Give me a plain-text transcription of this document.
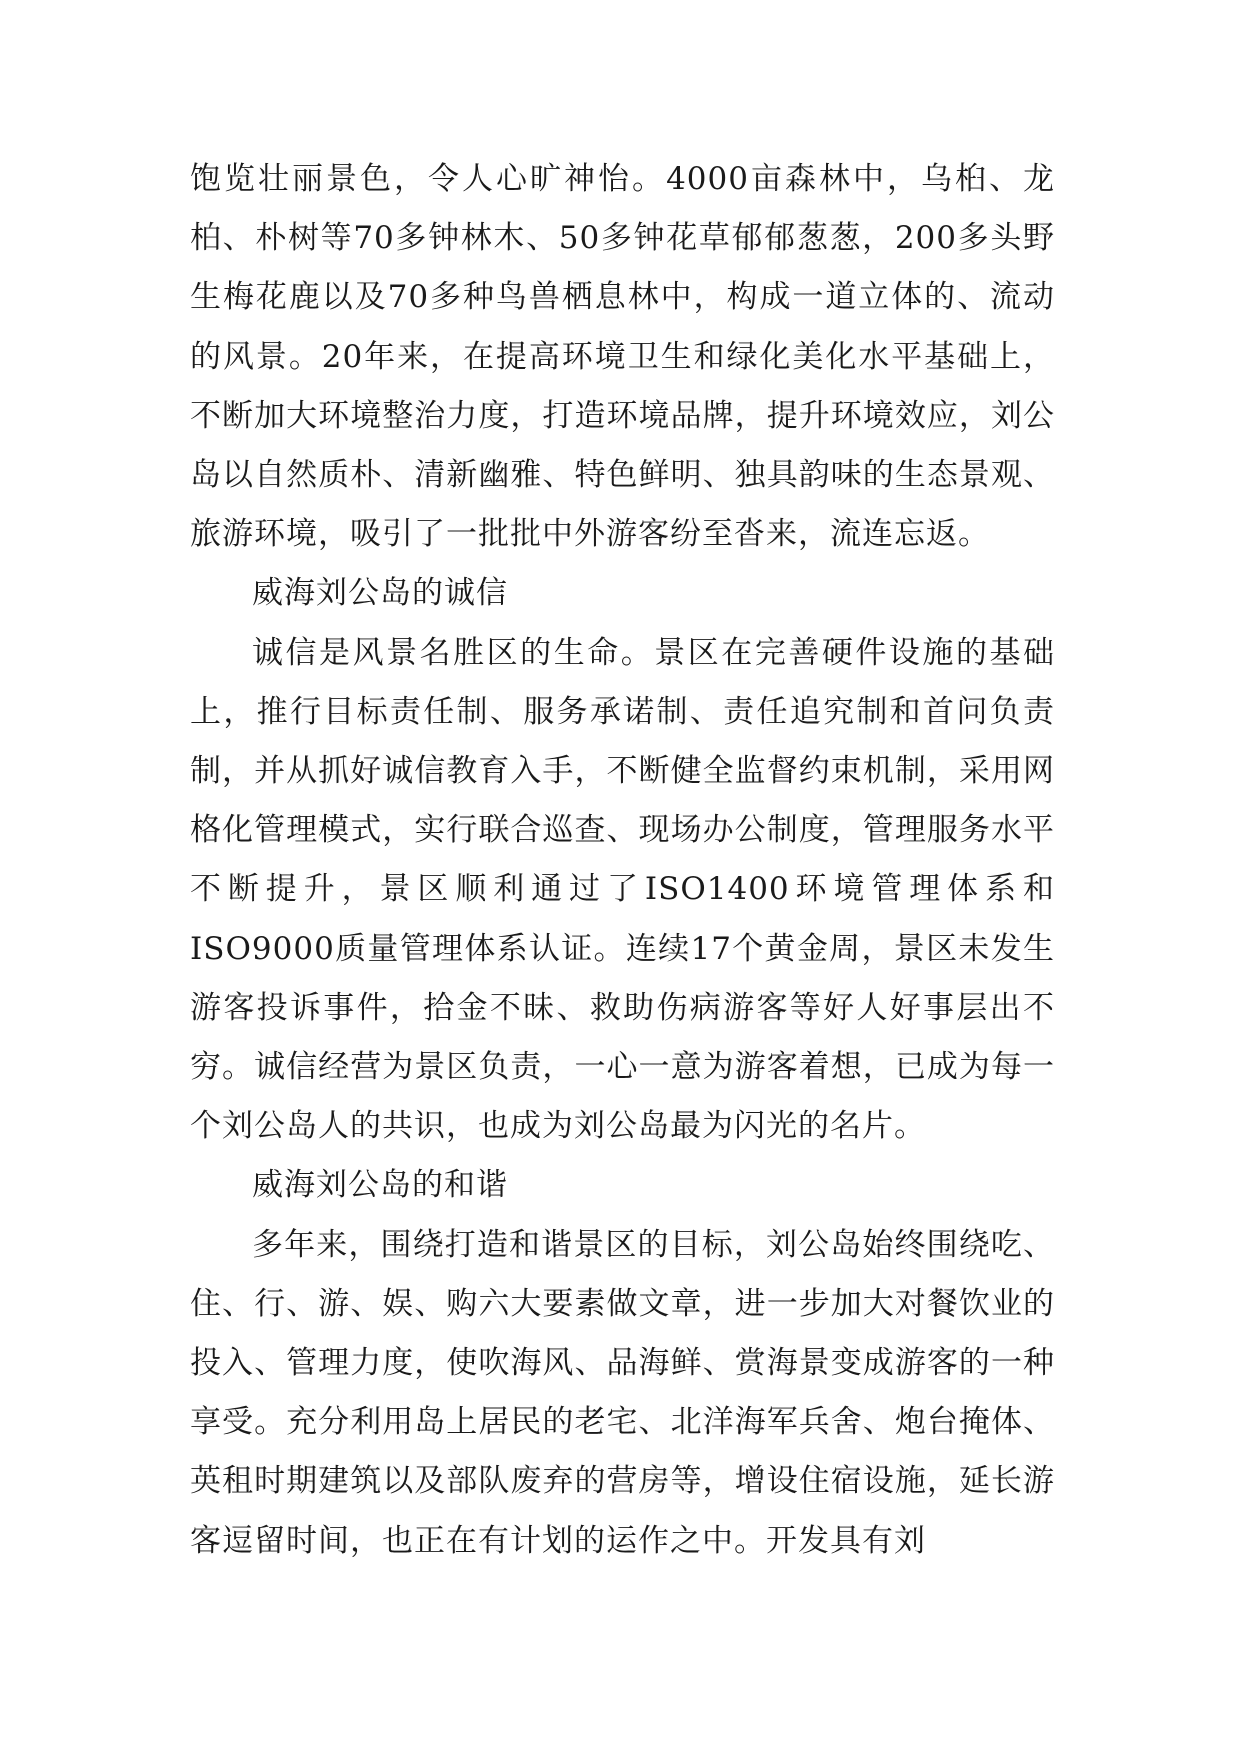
饱览壮丽景色，令人心旷神怡。4000亩森林中，乌桕、龙柏、朴树等70多钟林木、50多钟花草郁郁葱葱，200多头野生梅花鹿以及70多种鸟兽栖息林中，构成一道立体的、流动的风景。20年来，在提高环境卫生和绿化美化水平基础上，不断加大环境整治力度，打造环境品牌，提升环境效应，刘公岛以自然质朴、清新幽雅、特色鲜明、独具韵味的生态景观、旅游环境，吸引了一批批中外游客纷至沓来，流连忘返。

威海刘公岛的诚信

诚信是风景名胜区的生命。景区在完善硬件设施的基础上，推行目标责任制、服务承诺制、责任追究制和首问负责制，并从抓好诚信教育入手，不断健全监督约束机制，采用网格化管理模式，实行联合巡查、现场办公制度，管理服务水平不断提升，景区顺利通过了ISO1400环境管理体系和ISO9000质量管理体系认证。连续17个黄金周，景区未发生游客投诉事件，拾金不昧、救助伤病游客等好人好事层出不穷。诚信经营为景区负责，一心一意为游客着想，已成为每一个刘公岛人的共识，也成为刘公岛最为闪光的名片。

威海刘公岛的和谐

多年来，围绕打造和谐景区的目标，刘公岛始终围绕吃、住、行、游、娱、购六大要素做文章，进一步加大对餐饮业的投入、管理力度，使吹海风、品海鲜、赏海景变成游客的一种享受。充分利用岛上居民的老宅、北洋海军兵舍、炮台掩体、英租时期建筑以及部队废弃的营房等，增设住宿设施，延长游客逗留时间，也正在有计划的运作之中。开发具有刘
